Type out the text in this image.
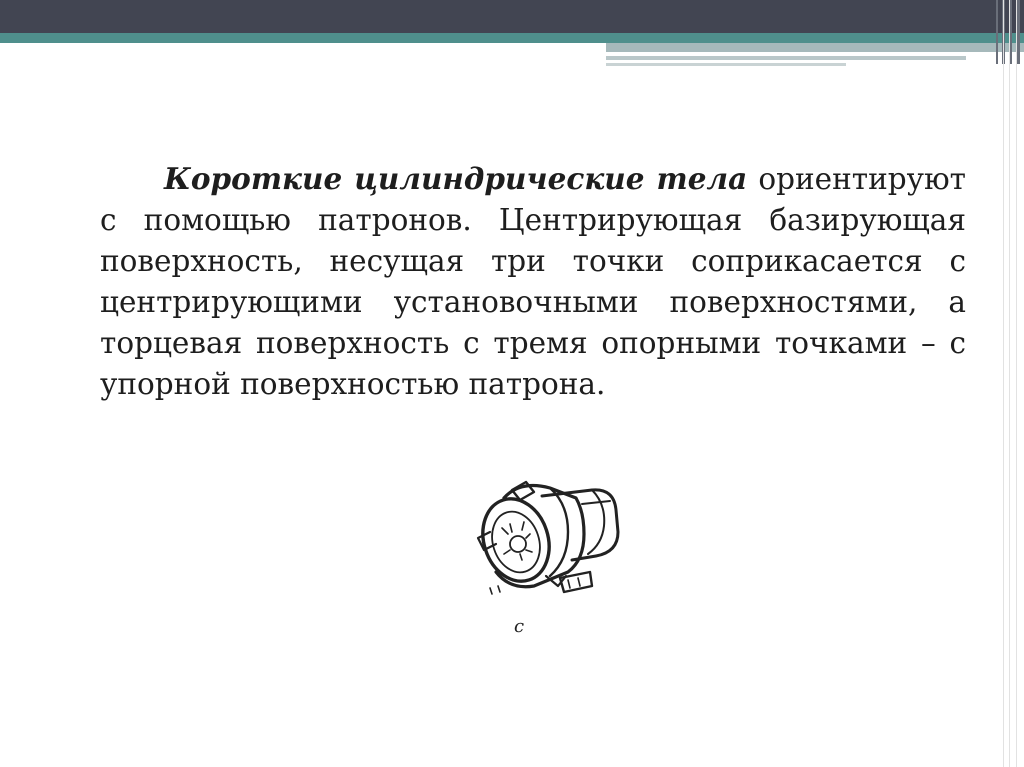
Короткие цилиндрические тела ориентируют с помощью патронов. Центрирующая базирующая поверхность, несущая три точки соприкасается с центрирующими установочными поверхностями, а торцевая поверхность с тремя опорными точками – с упорной поверхностью патрона.

c
